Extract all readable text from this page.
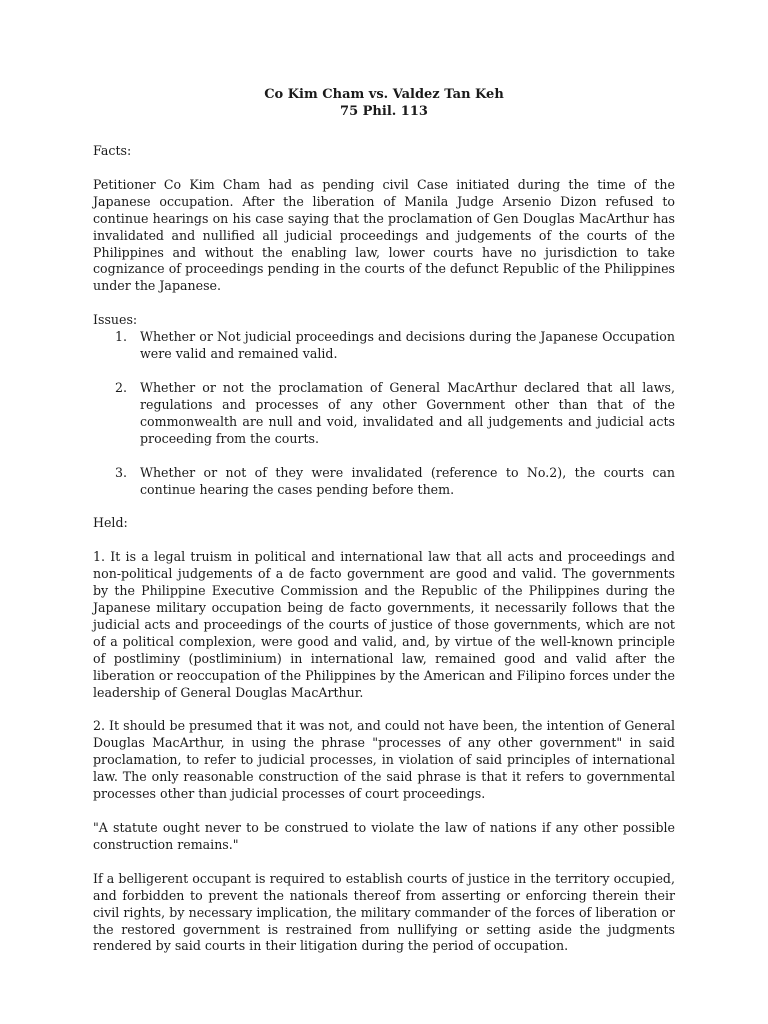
Co Kim Cham vs. Valdez Tan Keh
75 Phil. 113

Facts:

Petitioner Co Kim Cham had as pending civil Case initiated during the time of the Japanese occupation. After the liberation of Manila Judge Arsenio Dizon refused to continue hearings on his case saying that the proclamation of Gen Douglas MacArthur has invalidated and nullified all judicial proceedings and judgements of the courts of the Philippines and without the enabling law, lower courts have no jurisdiction to take cognizance of proceedings pending in the courts of the defunct Republic of the Philippines under the Japanese.

Issues:

1. Whether or Not judicial proceedings and decisions during the Japanese Occupation were valid and remained valid.
2. Whether or not the proclamation of General MacArthur declared that all laws, regulations and processes of any other Government other than that of the commonwealth are null and void, invalidated and all judgements and judicial acts proceeding from the courts.
3. Whether or not of they were invalidated (reference to No.2), the courts can continue hearing the cases pending before them.

Held:

1. It is a legal truism in political and international law that all acts and proceedings and non-political judgements of a de facto government are good and valid. The governments by the Philippine Executive Commission and the Republic of the Philippines during the Japanese military occupation being de facto governments, it necessarily follows that the judicial acts and proceedings of the courts of justice of those governments, which are not of a political complexion, were good and valid, and, by virtue of the well-known principle of postliminy (postliminium) in international law, remained good and valid after the liberation or reoccupation of the Philippines by the American and Filipino forces under the leadership of General Douglas MacArthur.

2. It should be presumed that it was not, and could not have been, the intention of General Douglas MacArthur, in using the phrase "processes of any other government" in said proclamation, to refer to judicial processes, in violation of said principles of international law. The only reasonable construction of the said phrase is that it refers to governmental processes other than judicial processes of court proceedings.

"A statute ought never to be construed to violate the law of nations if any other possible construction remains."

If a belligerent occupant is required to establish courts of justice in the territory occupied, and forbidden to prevent the nationals thereof from asserting or enforcing therein their civil rights, by necessary implication, the military commander of the forces of liberation or the restored government is restrained from nullifying or setting aside the judgments rendered by said courts in their litigation during the period of occupation.
